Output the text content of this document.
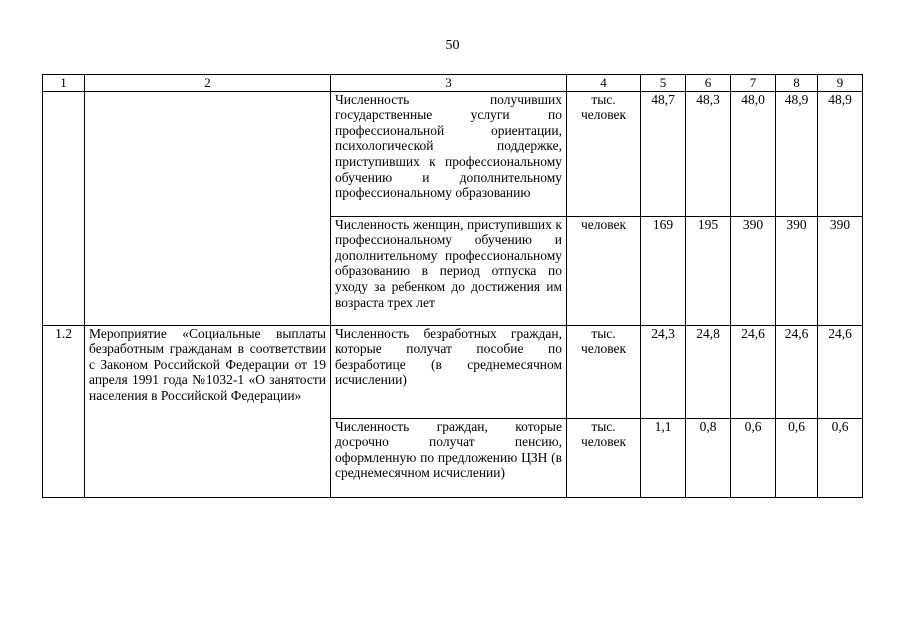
50
1	2	3	4	5	6	7	8	9
		Численность получивших государственные услуги по профессиональной ориентации, психологической поддержке, приступивших к профессиональному обучению и дополнительному профессиональному образованию	тыс. человек	48,7	48,3	48,0	48,9	48,9
		Численность женщин, приступивших к профессиональному обучению и дополнительному профессиональному образованию в период отпуска по уходу за ребенком до достижения им возраста трех лет	человек	169	195	390	390	390
1.2	Мероприятие «Социальные выплаты безработным гражданам в соответствии с Законом Российской Федерации от 19 апреля 1991 года №1032-1 «О занятости населения в Российской Федерации»	Численность безработных граждан, которые получат пособие по безработице (в среднемесячном исчислении)	тыс. человек	24,3	24,8	24,6	24,6	24,6
		Численность граждан, которые досрочно получат пенсию, оформленную по предложению ЦЗН (в среднемесячном исчислении)	тыс. человек	1,1	0,8	0,6	0,6	0,6
